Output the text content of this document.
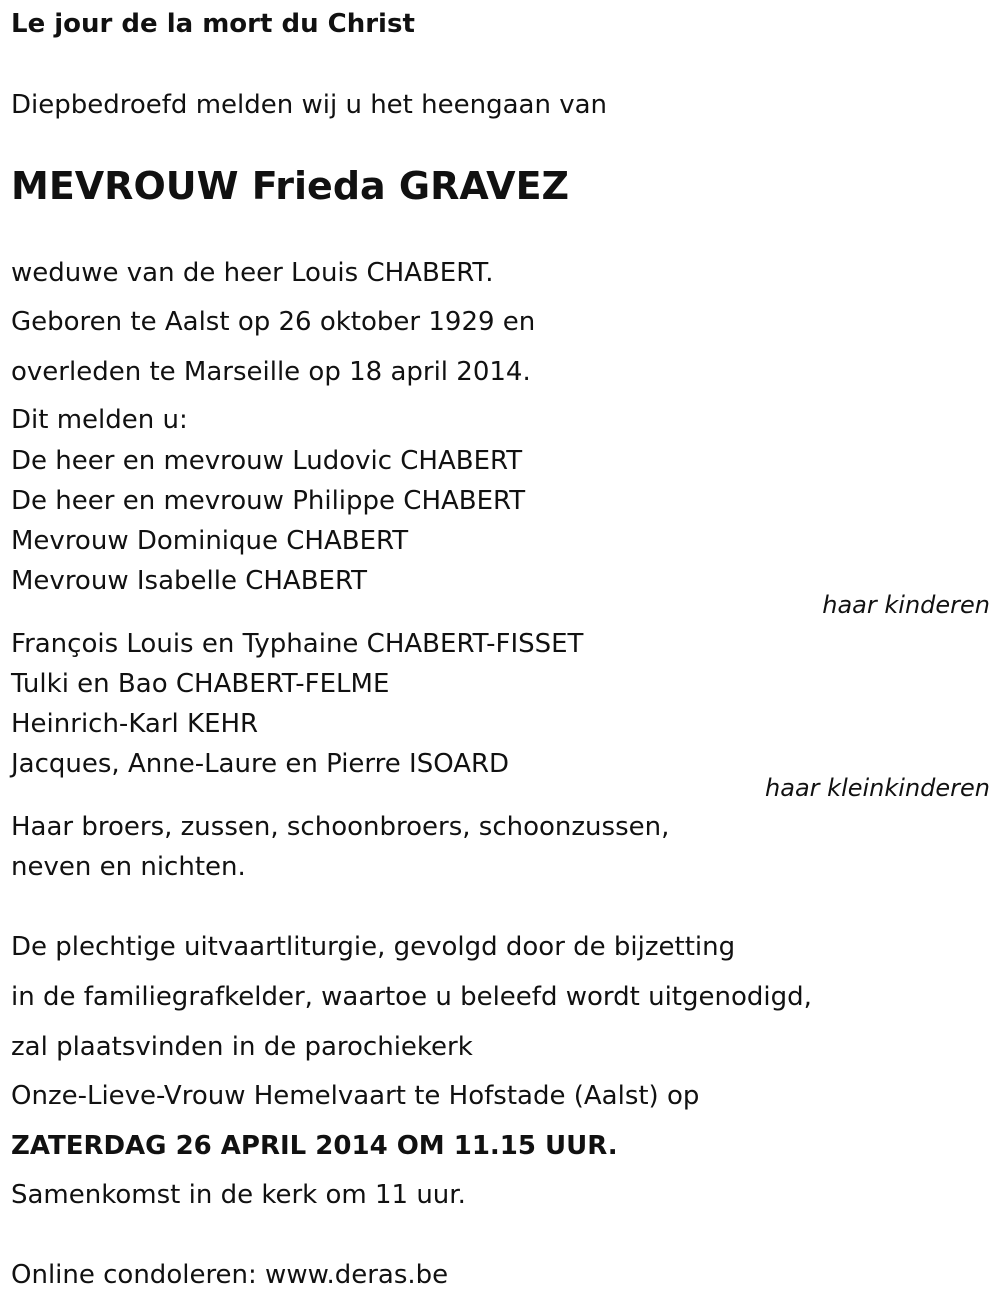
Le jour de la mort du Christ
Diepbedroefd melden wij u het heengaan van
MEVROUW Frieda GRAVEZ
weduwe van de heer Louis CHABERT.
Geboren te Aalst op 26 oktober 1929 en
overleden te Marseille op 18 april 2014.
Dit melden u:
De heer en mevrouw Ludovic CHABERT
De heer en mevrouw Philippe CHABERT
Mevrouw Dominique CHABERT
Mevrouw Isabelle CHABERT
haar kinderen
François Louis en Typhaine CHABERT-FISSET
Tulki en Bao CHABERT-FELME
Heinrich-Karl KEHR
Jacques, Anne-Laure en Pierre ISOARD
haar kleinkinderen
Haar broers, zussen, schoonbroers, schoonzussen,
neven en nichten.
De plechtige uitvaartliturgie, gevolgd door de bijzetting
in de familiegrafkelder, waartoe u beleefd wordt uitgenodigd,
zal plaatsvinden in de parochiekerk
Onze-Lieve-Vrouw Hemelvaart te Hofstade (Aalst) op
ZATERDAG 26 APRIL 2014 OM 11.15 UUR.
Samenkomst in de kerk om 11 uur.
Online condoleren: www.deras.be
